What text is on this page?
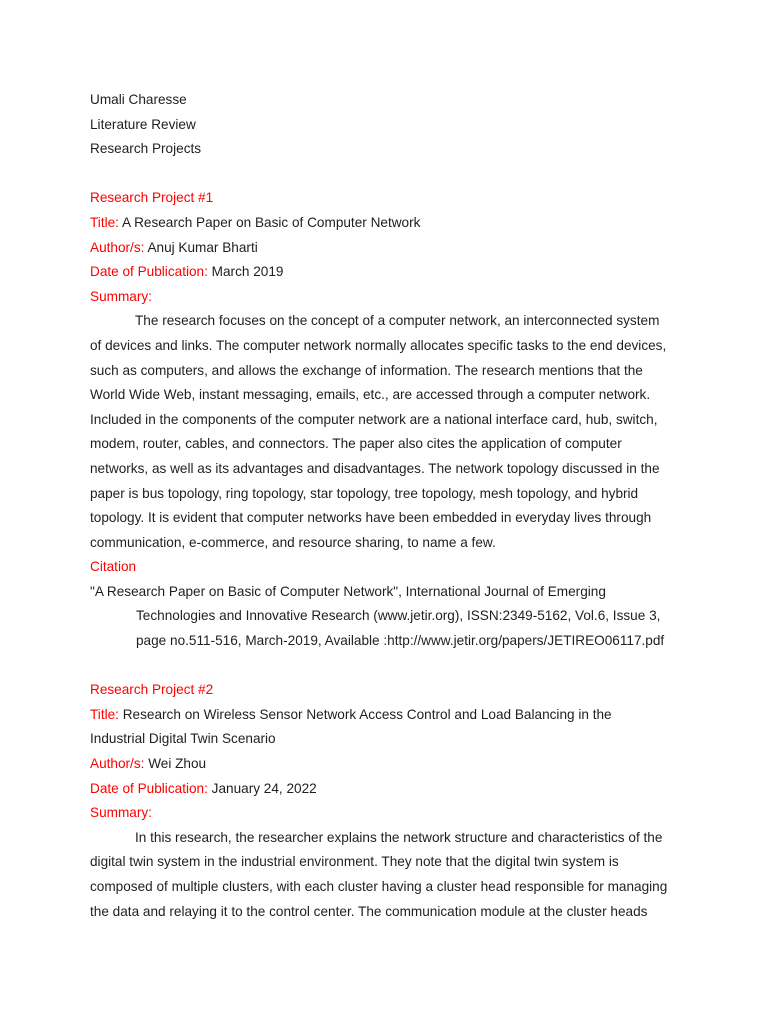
Umali Charesse
Literature Review
Research Projects
Research Project #1
Title: A Research Paper on Basic of Computer Network
Author/s: Anuj Kumar Bharti
Date of Publication: March 2019
Summary:
The research focuses on the concept of a computer network, an interconnected system
of devices and links. The computer network normally allocates specific tasks to the end devices,
such as computers, and allows the exchange of information. The research mentions that the
World Wide Web, instant messaging, emails, etc., are accessed through a computer network.
Included in the components of the computer network are a national interface card, hub, switch,
modem, router, cables, and connectors. The paper also cites the application of computer
networks, as well as its advantages and disadvantages. The network topology discussed in the
paper is bus topology, ring topology, star topology, tree topology, mesh topology, and hybrid
topology. It is evident that computer networks have been embedded in everyday lives through
communication, e-commerce, and resource sharing, to name a few.
Citation
"A Research Paper on Basic of Computer Network", International Journal of Emerging
Technologies and Innovative Research (www.jetir.org), ISSN:2349-5162, Vol.6, Issue 3,
page no.511-516, March-2019, Available :http://www.jetir.org/papers/JETIREO06117.pdf
Research Project #2
Title: Research on Wireless Sensor Network Access Control and Load Balancing in the
Industrial Digital Twin Scenario
Author/s: Wei Zhou
Date of Publication: January 24, 2022
Summary:
In this research, the researcher explains the network structure and characteristics of the
digital twin system in the industrial environment. They note that the digital twin system is
composed of multiple clusters, with each cluster having a cluster head responsible for managing
the data and relaying it to the control center. The communication module at the cluster heads
